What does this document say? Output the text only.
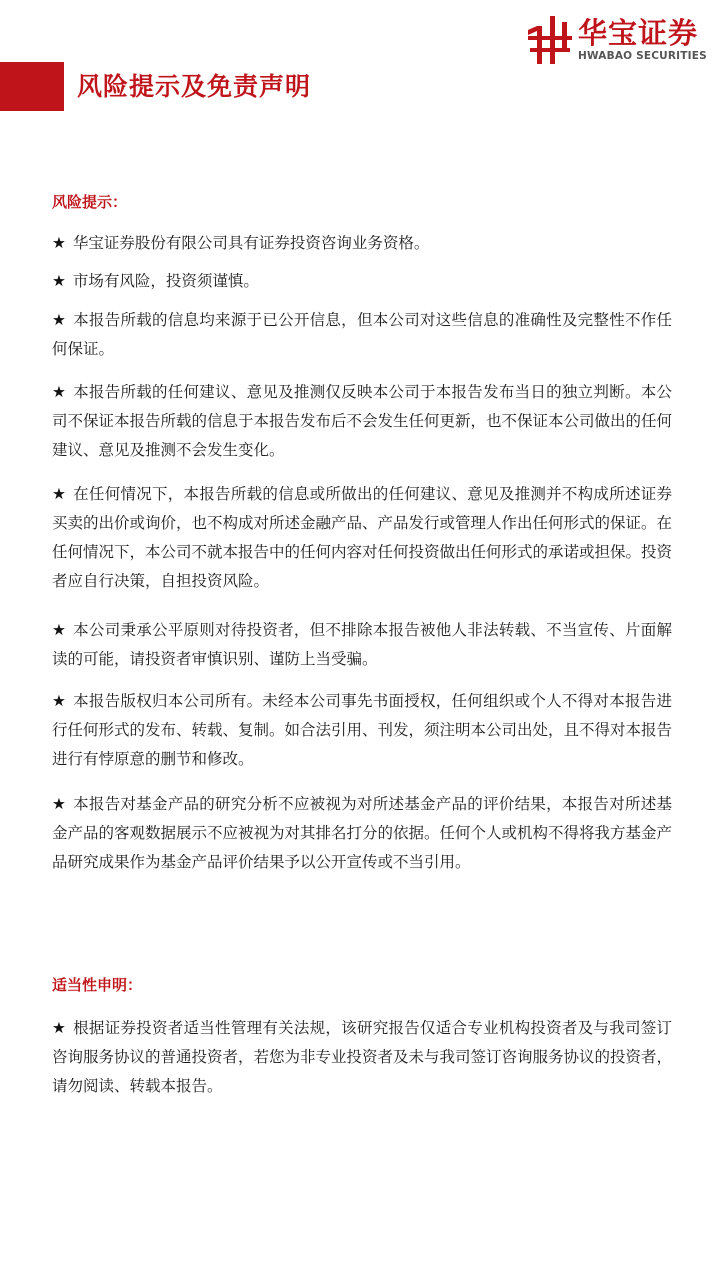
华宝证券
HWABAO SECURITIES
风险提示及免责声明
风险提示：

★ 华宝证券股份有限公司具有证券投资咨询业务资格。

★ 市场有风险，投资须谨慎。

★ 本报告所载的信息均来源于已公开信息，但本公司对这些信息的准确性及完整性不作任何保证。

★ 本报告所载的任何建议、意见及推测仅反映本公司于本报告发布当日的独立判断。本公司不保证本报告所载的信息于本报告发布后不会发生任何更新，也不保证本公司做出的任何建议、意见及推测不会发生变化。

★ 在任何情况下，本报告所载的信息或所做出的任何建议、意见及推测并不构成所述证券买卖的出价或询价，也不构成对所述金融产品、产品发行或管理人作出任何形式的保证。在任何情况下，本公司不就本报告中的任何内容对任何投资做出任何形式的承诺或担保。投资者应自行决策，自担投资风险。

★ 本公司秉承公平原则对待投资者，但不排除本报告被他人非法转载、不当宣传、片面解读的可能，请投资者审慎识别、谨防上当受骗。

★ 本报告版权归本公司所有。未经本公司事先书面授权，任何组织或个人不得对本报告进行任何形式的发布、转载、复制。如合法引用、刊发，须注明本公司出处，且不得对本报告进行有悖原意的删节和修改。

★ 本报告对基金产品的研究分析不应被视为对所述基金产品的评价结果，本报告对所述基金产品的客观数据展示不应被视为对其排名打分的依据。任何个人或机构不得将我方基金产品研究成果作为基金产品评价结果予以公开宣传或不当引用。

适当性申明：

★ 根据证券投资者适当性管理有关法规，该研究报告仅适合专业机构投资者及与我司签订咨询服务协议的普通投资者，若您为非专业投资者及未与我司签订咨询服务协议的投资者，请勿阅读、转载本报告。
